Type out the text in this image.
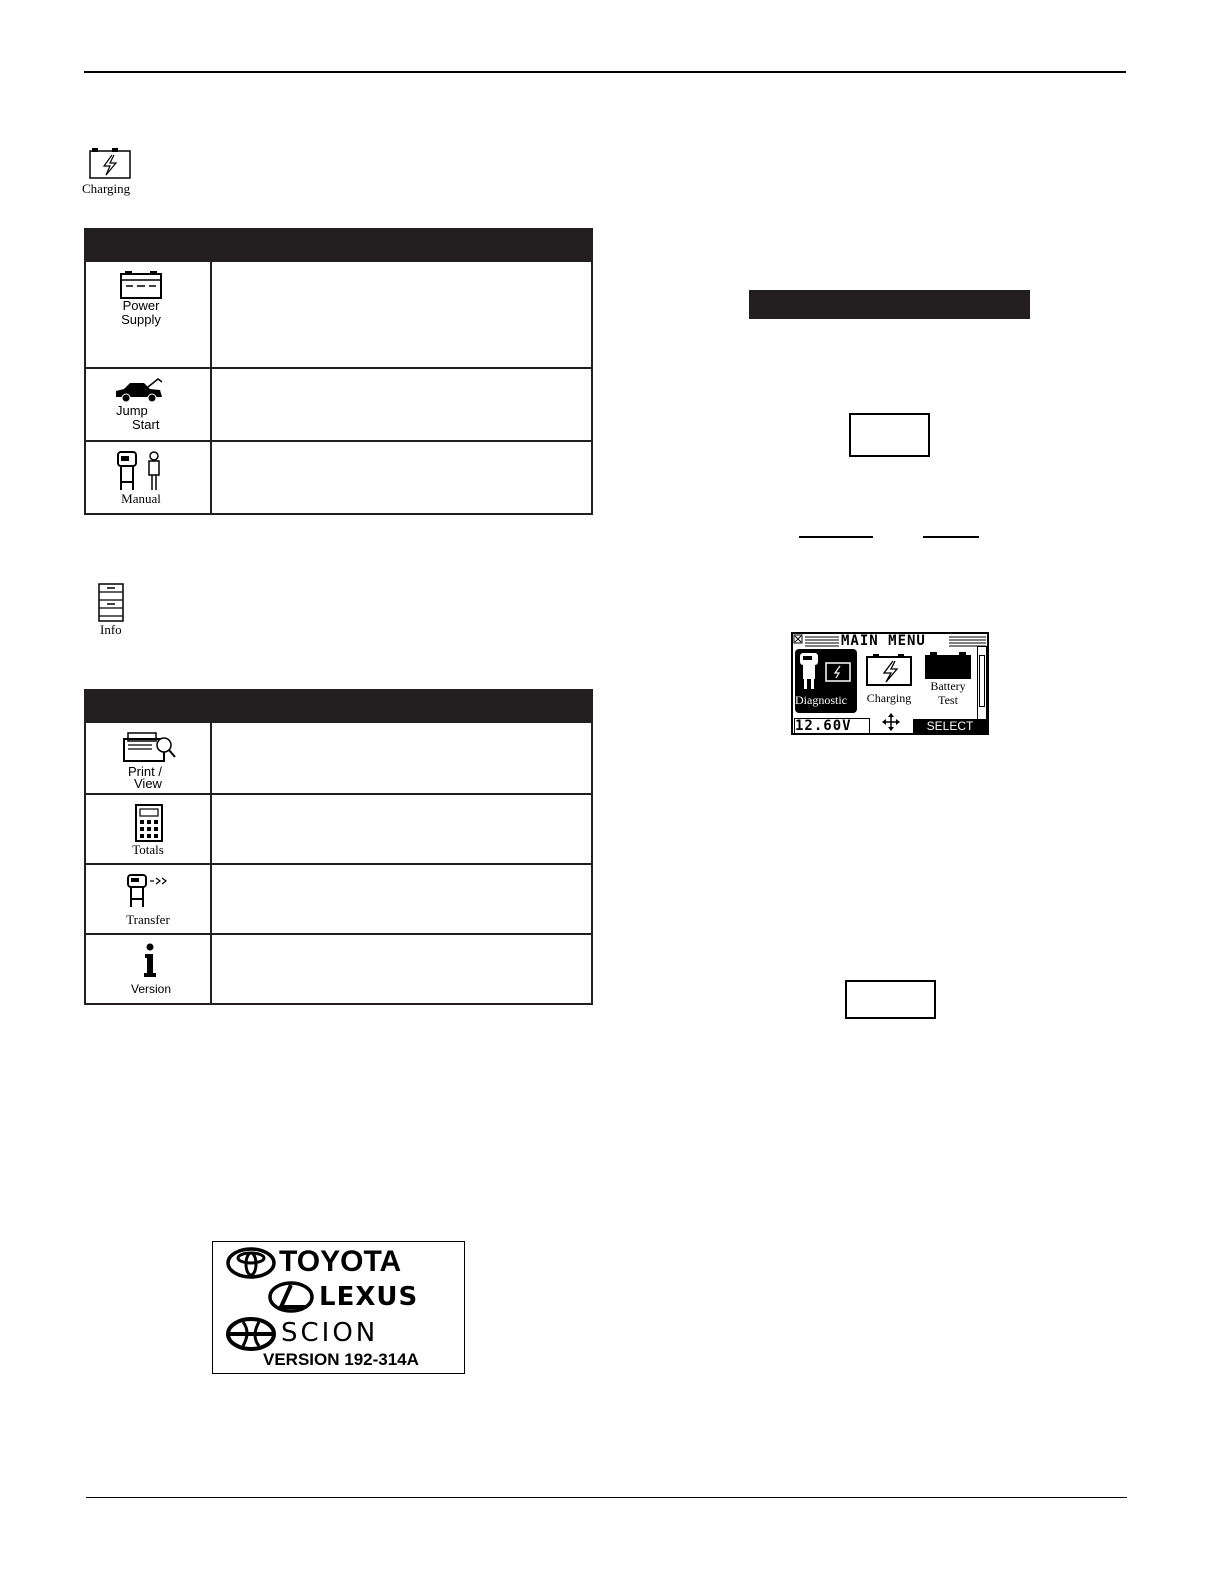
Charging

Power
Supply	

Jump
Start	

Manual	

Info

Print /
View	

Totals	

Transfer	

Version	

MAIN MENU
Diagnostic	Charging
Battery
Test
12.60V	SELECT
TOYOTA
LEXUS
SCION
VERSION 192-314A
